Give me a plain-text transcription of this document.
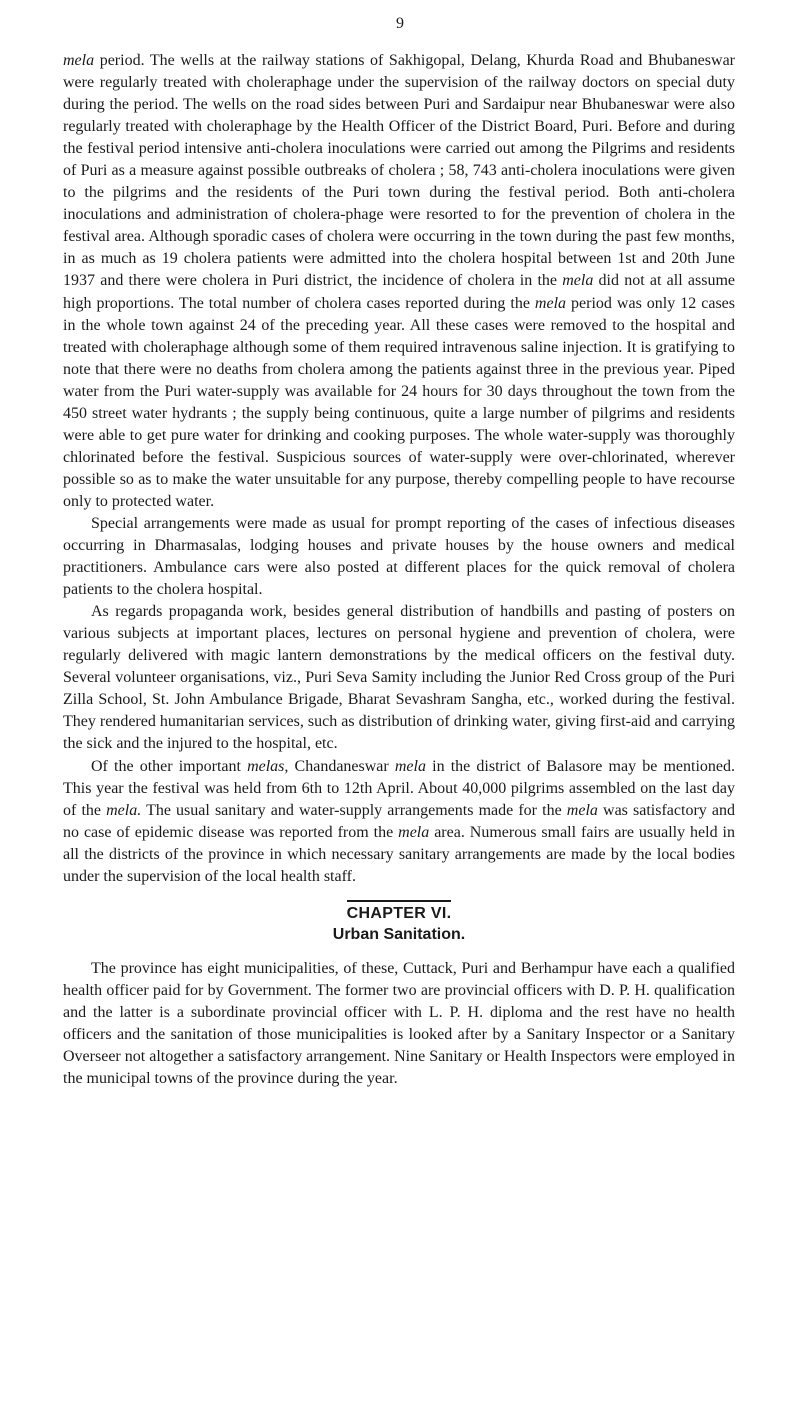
9

mela period. The wells at the railway stations of Sakhigopal, Delang, Khurda Road and Bhubaneswar were regularly treated with choleraphage under the supervision of the railway doctors on special duty during the period. The wells on the road sides between Puri and Sardaipur near Bhubaneswar were also regularly treated with choleraphage by the Health Officer of the District Board, Puri. Before and during the festival period intensive anti-cholera inoculations were carried out among the Pilgrims and residents of Puri as a measure against possible outbreaks of cholera ; 58, 743 anti-cholera inoculations were given to the pilgrims and the residents of the Puri town during the festival period. Both anti-cholera inoculations and administration of cholera-phage were resorted to for the prevention of cholera in the festival area. Although sporadic cases of cholera were occurring in the town during the past few months, in as much as 19 cholera patients were admitted into the cholera hospital between 1st and 20th June 1937 and there were cholera in Puri district, the incidence of cholera in the mela did not at all assume high proportions. The total number of cholera cases reported during the mela period was only 12 cases in the whole town against 24 of the preceding year. All these cases were removed to the hospital and treated with choleraphage although some of them required intravenous saline injection. It is gratifying to note that there were no deaths from cholera among the patients against three in the previous year. Piped water from the Puri water-supply was available for 24 hours for 30 days throughout the town from the 450 street water hydrants ; the supply being continuous, quite a large number of pilgrims and residents were able to get pure water for drinking and cooking purposes. The whole water-supply was thoroughly chlorinated before the festival. Suspicious sources of water-supply were over-chlorinated, wherever possible so as to make the water unsuitable for any purpose, thereby compelling people to have recourse only to protected water.

Special arrangements were made as usual for prompt reporting of the cases of infectious diseases occurring in Dharmasalas, lodging houses and private houses by the house owners and medical practitioners. Ambulance cars were also posted at different places for the quick removal of cholera patients to the cholera hospital.

As regards propaganda work, besides general distribution of handbills and pasting of posters on various subjects at important places, lectures on personal hygiene and prevention of cholera, were regularly delivered with magic lantern demonstrations by the medical officers on the festival duty. Several volunteer organisations, viz., Puri Seva Samity including the Junior Red Cross group of the Puri Zilla School, St. John Ambulance Brigade, Bharat Sevashram Sangha, etc., worked during the festival. They rendered humanitarian services, such as distribution of drinking water, giving first-aid and carrying the sick and the injured to the hospital, etc.

Of the other important melas, Chandaneswar mela in the district of Balasore may be mentioned. This year the festival was held from 6th to 12th April. About 40,000 pilgrims assembled on the last day of the mela. The usual sanitary and water-supply arrangements made for the mela was satisfactory and no case of epidemic disease was reported from the mela area. Numerous small fairs are usually held in all the districts of the province in which necessary sanitary arrangements are made by the local bodies under the supervision of the local health staff.

CHAPTER VI.
Urban Sanitation.

The province has eight municipalities, of these, Cuttack, Puri and Berhampur have each a qualified health officer paid for by Government. The former two are provincial officers with D. P. H. qualification and the latter is a subordinate provincial officer with L. P. H. diploma and the rest have no health officers and the sanitation of those municipalities is looked after by a Sanitary Inspector or a Sanitary Overseer not altogether a satisfactory arrangement. Nine Sanitary or Health Inspectors were employed in the municipal towns of the province during the year.
